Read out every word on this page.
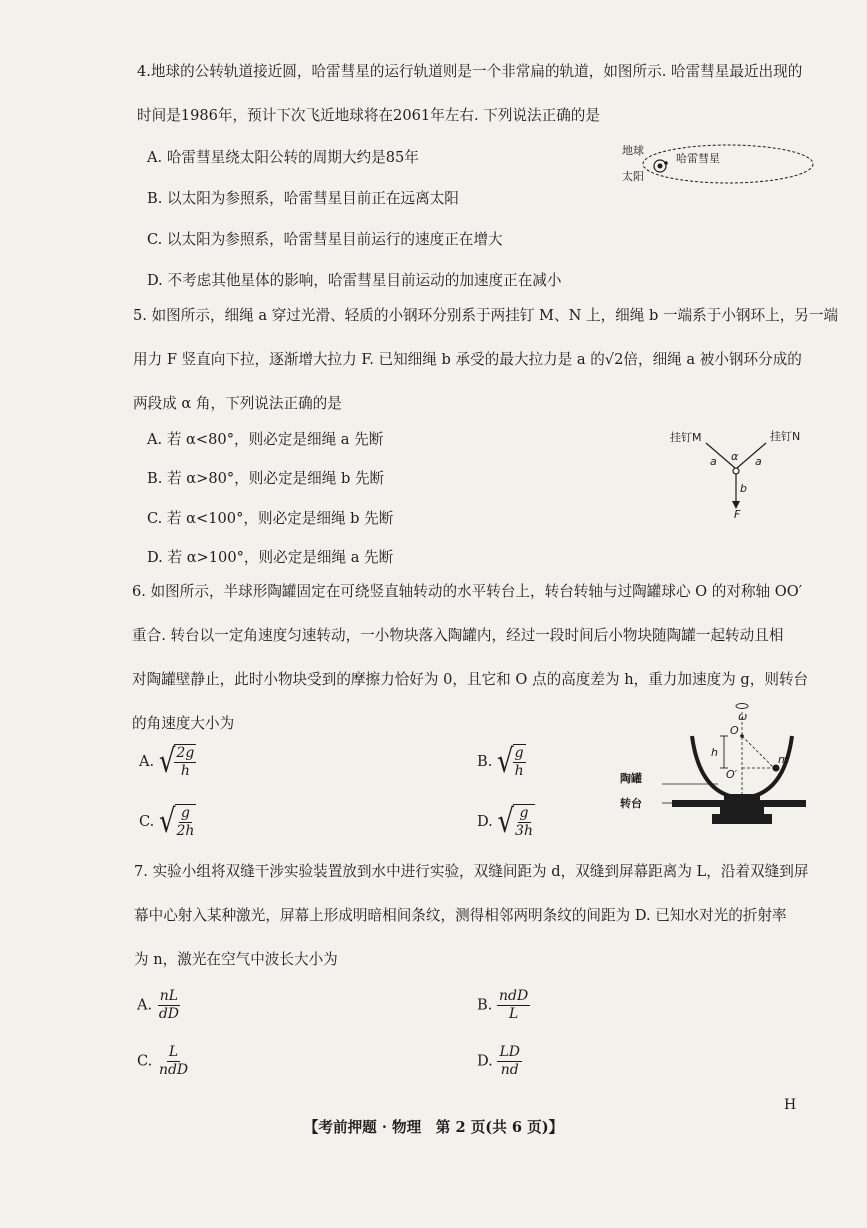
4.地球的公转轨道接近圆，哈雷彗星的运行轨道则是一个非常扁的轨道，如图所示. 哈雷彗星最近出现的

时间是1986年，预计下次飞近地球将在2061年左右. 下列说法正确的是

A. 哈雷彗星绕太阳公转的周期大约是85年
B. 以太阳为参照系，哈雷彗星目前正在远离太阳
C. 以太阳为参照系，哈雷彗星目前运行的速度正在增大
D. 不考虑其他星体的影响，哈雷彗星目前运动的加速度正在减小
地球
太阳
哈雷彗星

5. 如图所示，细绳 a 穿过光滑、轻质的小钢环分别系于两挂钉 M、N 上，细绳 b 一端系于小钢环上，另一端

用力 F 竖直向下拉，逐渐增大拉力 F. 已知细绳 b 承受的最大拉力是 a 的√2倍，细绳 a 被小钢环分成的

两段成 α 角，下列说法正确的是

A. 若 α<80°，则必定是细绳 a 先断
B. 若 α>80°，则必定是细绳 b 先断
C. 若 α<100°，则必定是细绳 b 先断
D. 若 α>100°，则必定是细绳 a 先断
挂钉M	挂钉N
a	a
α
b
F

6. 如图所示，半球形陶罐固定在可绕竖直轴转动的水平转台上，转台转轴与过陶罐球心 O 的对称轴 OO′

重合. 转台以一定角速度匀速转动，一小物块落入陶罐内，经过一段时间后小物块随陶罐一起转动且相

对陶罐壁静止，此时小物块受到的摩擦力恰好为 0，且它和 O 点的高度差为 h，重力加速度为 g，则转台

的角速度大小为

A. √ $\frac{2g}{h}$	B. √ $\frac{g}{h}$
C. √ $\frac{g}{2h}$	D. √ $\frac{g}{3h}$
ω
O
O′
h
m
陶罐
转台

7. 实验小组将双缝干涉实验装置放到水中进行实验，双缝间距为 d，双缝到屏幕距离为 L，沿着双缝到屏

幕中心射入某种激光，屏幕上形成明暗相间条纹，测得相邻两明条纹的间距为 D. 已知水对光的折射率

为 n，激光在空气中波长大小为

A. $\frac{nL}{dD}$	B. $\frac{\text{ndD}}{L}$
C. $\frac{L}{\text{ndD}}$	D. $\frac{LD}{nd}$
H
【考前押题 · 物理　第 2 页(共 6 页)】
